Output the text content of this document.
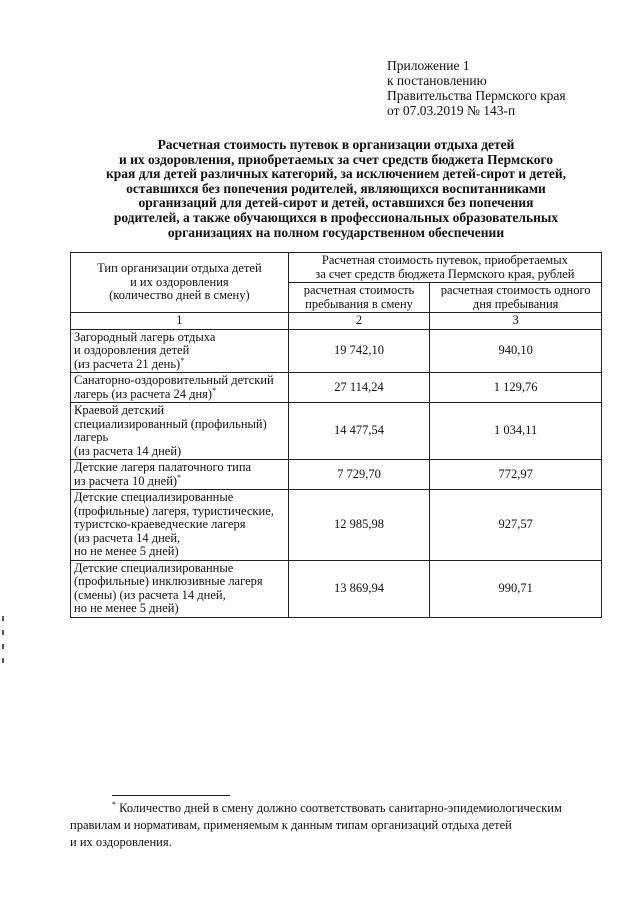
Приложение 1
к постановлению
Правительства Пермского края
от 07.03.2019 № 143-п
Расчетная стоимость путевок в организации отдыха детей
и их оздоровления, приобретаемых за счет средств бюджета Пермского
края для детей различных категорий, за исключением детей-сирот и детей,
оставшихся без попечения родителей, являющихся воспитанниками
организаций для детей-сирот и детей, оставшихся без попечения
родителей, а также обучающихся в профессиональных образовательных
организациях на полном государственном обеспечении
Тип организации отдыха детей
и их оздоровления
(количество дней в смену)	Расчетная стоимость путевок, приобретаемых
за счет средств бюджета Пермского края, рублей	

	расчетная стоимость
пребывания в смену	расчетная стоимость одного
дня пребывания

1	2	3

Загородный лагерь отдыха
и оздоровления детей
(из расчета 21 день)*	19 742,10	940,10

Санаторно-оздоровительный детский
лагерь (из расчета 24 дня)*	27 114,24	1 129,76

Краевой детский
специализированный (профильный)
лагерь
(из расчета 14 дней)	14 477,54	1 034,11

Детские лагеря палаточного типа
из расчета 10 дней)*	7 729,70	772,97

Детские специализированные
(профильные) лагеря, туристические,
туристско-краеведческие лагеря
(из расчета 14 дней,
но не менее 5 дней)	12 985,98	927,57

Детские специализированные
(профильные) инклюзивные лагеря
(смены) (из расчета 14 дней,
но не менее 5 дней)	13 869,94	990,71
* Количество дней в смену должно соответствовать санитарно-эпидемиологическим
правилам и нормативам, применяемым к данным типам организаций отдыха детей
и их оздоровления.
